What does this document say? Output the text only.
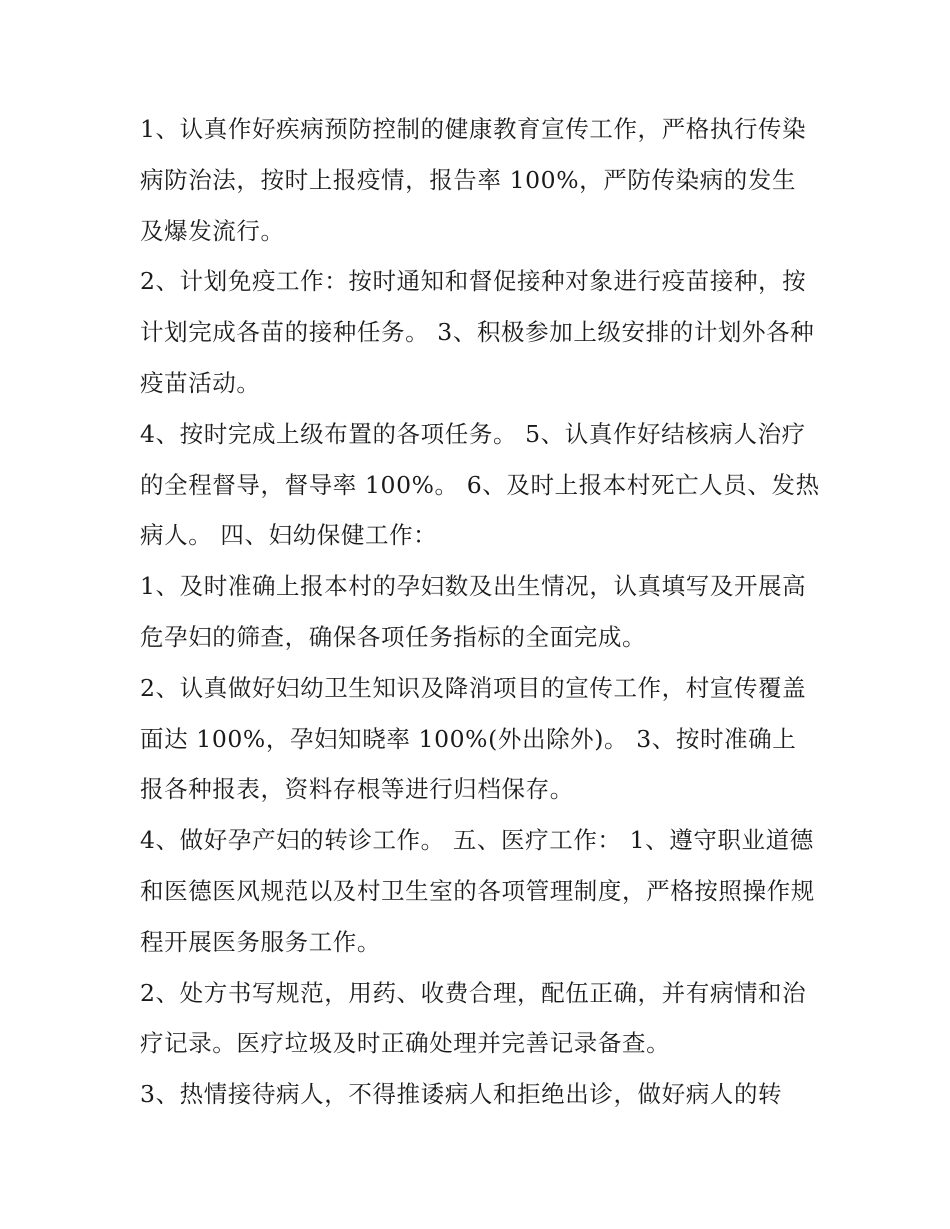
1、认真作好疾病预防控制的健康教育宣传工作，严格执行传染病防治法，按时上报疫情，报告率 100%，严防传染病的发生及爆发流行。

2、计划免疫工作：按时通知和督促接种对象进行疫苗接种，按计划完成各苗的接种任务。 3、积极参加上级安排的计划外各种疫苗活动。

4、按时完成上级布置的各项任务。 5、认真作好结核病人治疗的全程督导，督导率 100%。 6、及时上报本村死亡人员、发热病人。 四、妇幼保健工作：

1、及时准确上报本村的孕妇数及出生情况，认真填写及开展高危孕妇的筛查，确保各项任务指标的全面完成。

2、认真做好妇幼卫生知识及降消项目的宣传工作，村宣传覆盖面达 100%，孕妇知晓率 100%(外出除外)。 3、按时准确上报各种报表，资料存根等进行归档保存。

4、做好孕产妇的转诊工作。 五、医疗工作： 1、遵守职业道德和医德医风规范以及村卫生室的各项管理制度，严格按照操作规程开展医务服务工作。

2、处方书写规范，用药、收费合理，配伍正确，并有病情和治疗记录。医疗垃圾及时正确处理并完善记录备查。

3、热情接待病人，不得推诿病人和拒绝出诊，做好病人的转
